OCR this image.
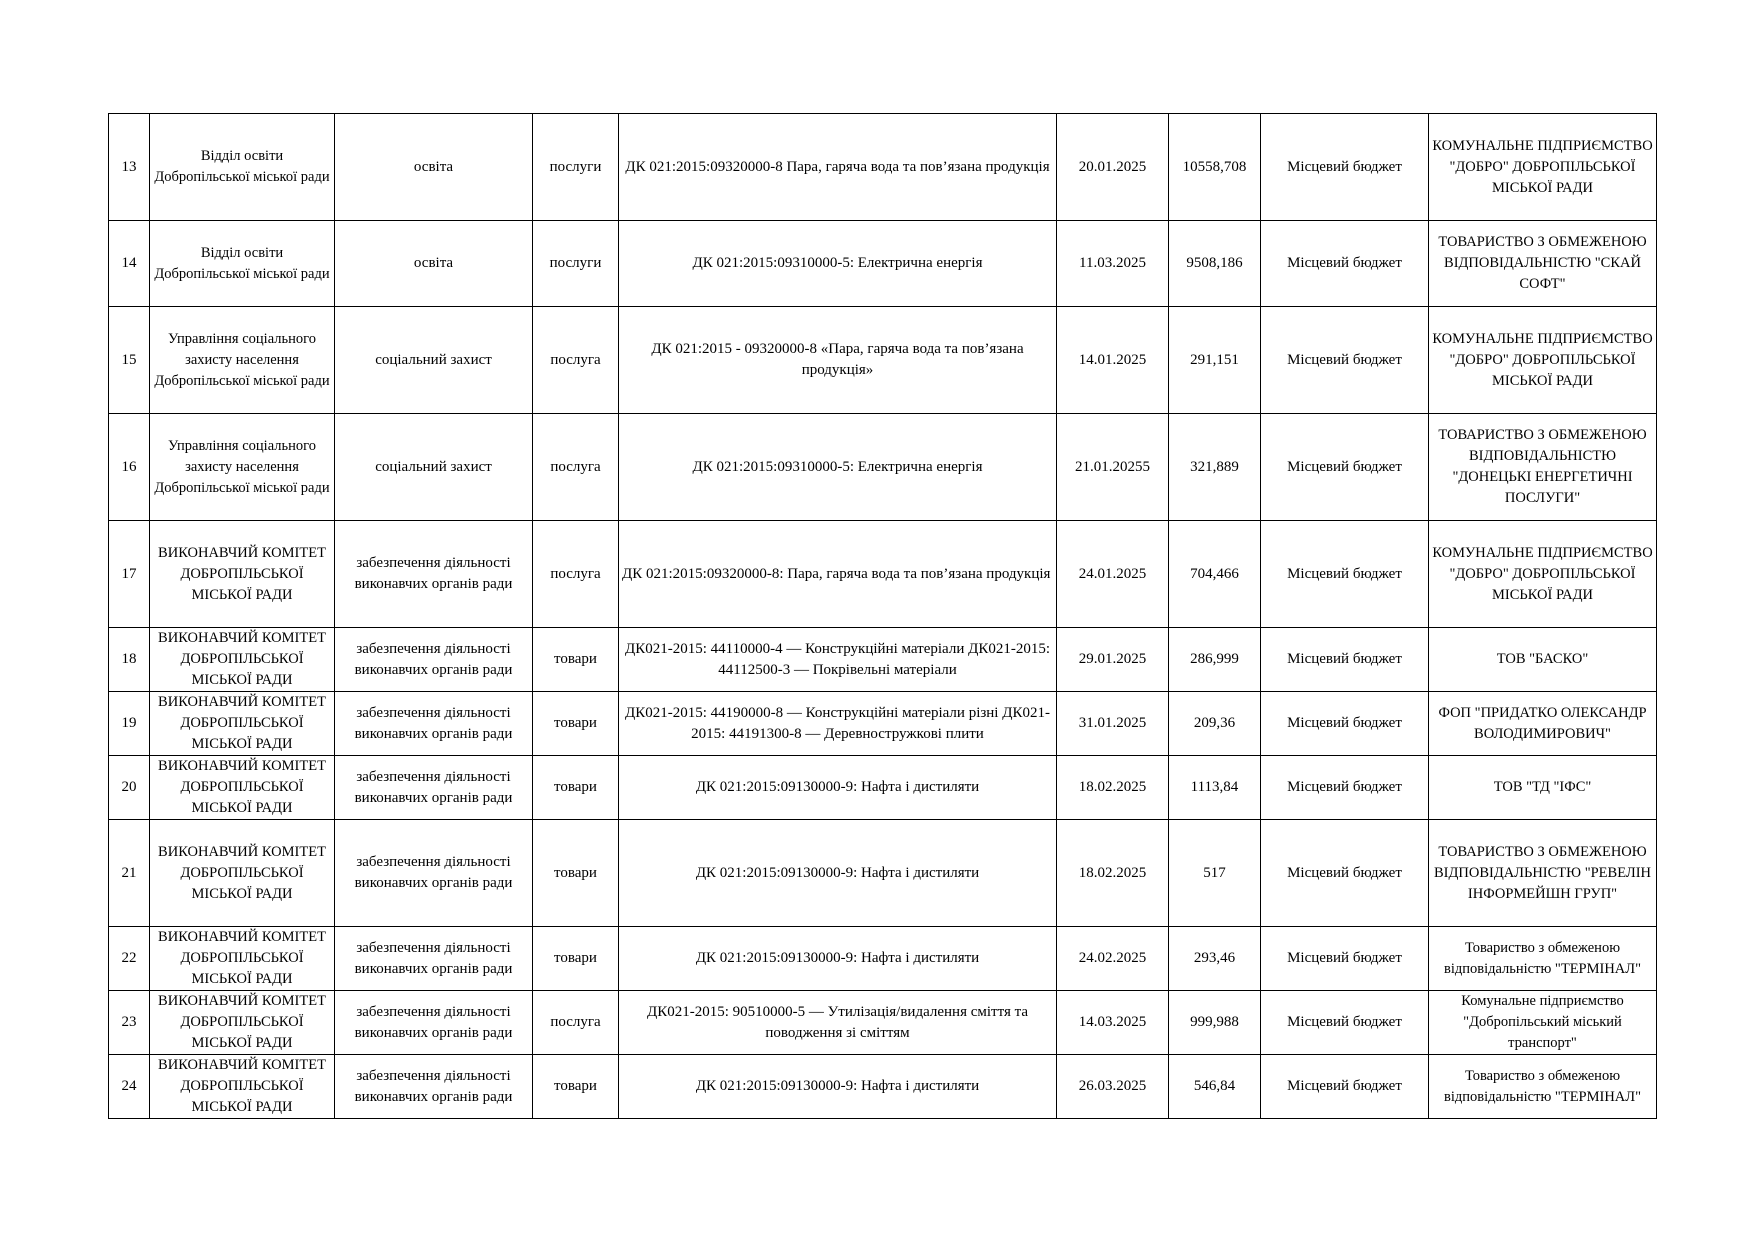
13	Відділ освіти Добропільської міської ради	освіта	послуги	ДК 021:2015:09320000-8 Пара, гаряча вода та пов’язана продукція	20.01.2025	10558,708	Місцевий бюджет	КОМУНАЛЬНЕ ПІДПРИЄМСТВО "ДОБРО" ДОБРОПІЛЬСЬКОЇ МІСЬКОЇ РАДИ
14	Відділ освіти Добропільської міської ради	освіта	послуги	ДК 021:2015:09310000-5: Електрична енергія	11.03.2025	9508,186	Місцевий бюджет	ТОВАРИСТВО З ОБМЕЖЕНОЮ ВІДПОВІДАЛЬНІСТЮ "СКАЙ СОФТ"
15	Управління соціального захисту населення Добропільської міської ради	соціальний захист	послуга	ДК 021:2015 - 09320000-8 «Пара, гаряча вода та пов’язана продукція»	14.01.2025	291,151	Місцевий бюджет	КОМУНАЛЬНЕ ПІДПРИЄМСТВО "ДОБРО" ДОБРОПІЛЬСЬКОЇ МІСЬКОЇ РАДИ
16	Управління соціального захисту населення Добропільської міської ради	соціальний захист	послуга	ДК 021:2015:09310000-5: Електрична енергія	21.01.20255	321,889	Місцевий бюджет	ТОВАРИСТВО З ОБМЕЖЕНОЮ ВІДПОВІДАЛЬНІСТЮ "ДОНЕЦЬКІ ЕНЕРГЕТИЧНІ ПОСЛУГИ"
17	ВИКОНАВЧИЙ КОМІТЕТ ДОБРОПІЛЬСЬКОЇ МІСЬКОЇ РАДИ	забезпечення діяльності виконавчих органів ради	послуга	ДК 021:2015:09320000-8: Пара, гаряча вода та пов’язана продукція	24.01.2025	704,466	Місцевий бюджет	КОМУНАЛЬНЕ ПІДПРИЄМСТВО "ДОБРО" ДОБРОПІЛЬСЬКОЇ МІСЬКОЇ РАДИ
18	ВИКОНАВЧИЙ КОМІТЕТ ДОБРОПІЛЬСЬКОЇ МІСЬКОЇ РАДИ	забезпечення діяльності виконавчих органів ради	товари	ДК021-2015: 44110000-4 — Конструкційні матеріали ДК021-2015: 44112500-3 — Покрівельні матеріали	29.01.2025	286,999	Місцевий бюджет	ТОВ "БАСКО"
19	ВИКОНАВЧИЙ КОМІТЕТ ДОБРОПІЛЬСЬКОЇ МІСЬКОЇ РАДИ	забезпечення діяльності виконавчих органів ради	товари	ДК021-2015: 44190000-8 — Конструкційні матеріали різні ДК021-2015: 44191300-8 — Деревностружкові плити	31.01.2025	209,36	Місцевий бюджет	ФОП "ПРИДАТКО ОЛЕКСАНДР ВОЛОДИМИРОВИЧ"
20	ВИКОНАВЧИЙ КОМІТЕТ ДОБРОПІЛЬСЬКОЇ МІСЬКОЇ РАДИ	забезпечення діяльності виконавчих органів ради	товари	ДК 021:2015:09130000-9: Нафта і дистиляти	18.02.2025	1113,84	Місцевий бюджет	ТОВ "ТД "ІФС"
21	ВИКОНАВЧИЙ КОМІТЕТ ДОБРОПІЛЬСЬКОЇ МІСЬКОЇ РАДИ	забезпечення діяльності виконавчих органів ради	товари	ДК 021:2015:09130000-9: Нафта і дистиляти	18.02.2025	517	Місцевий бюджет	ТОВАРИСТВО З ОБМЕЖЕНОЮ ВІДПОВІДАЛЬНІСТЮ "РЕВЕЛІН ІНФОРМЕЙШН ГРУП"
22	ВИКОНАВЧИЙ КОМІТЕТ ДОБРОПІЛЬСЬКОЇ МІСЬКОЇ РАДИ	забезпечення діяльності виконавчих органів ради	товари	ДК 021:2015:09130000-9: Нафта і дистиляти	24.02.2025	293,46	Місцевий бюджет	Товариство з обмеженою відповідальністю "ТЕРМІНАЛ"
23	ВИКОНАВЧИЙ КОМІТЕТ ДОБРОПІЛЬСЬКОЇ МІСЬКОЇ РАДИ	забезпечення діяльності виконавчих органів ради	послуга	ДК021-2015: 90510000-5 — Утилізація/видалення сміття та поводження зі сміттям	14.03.2025	999,988	Місцевий бюджет	Комунальне підприємство "Добропільський міський транспорт"
24	ВИКОНАВЧИЙ КОМІТЕТ ДОБРОПІЛЬСЬКОЇ МІСЬКОЇ РАДИ	забезпечення діяльності виконавчих органів ради	товари	ДК 021:2015:09130000-9: Нафта і дистиляти	26.03.2025	546,84	Місцевий бюджет	Товариство з обмеженою відповідальністю "ТЕРМІНАЛ"
